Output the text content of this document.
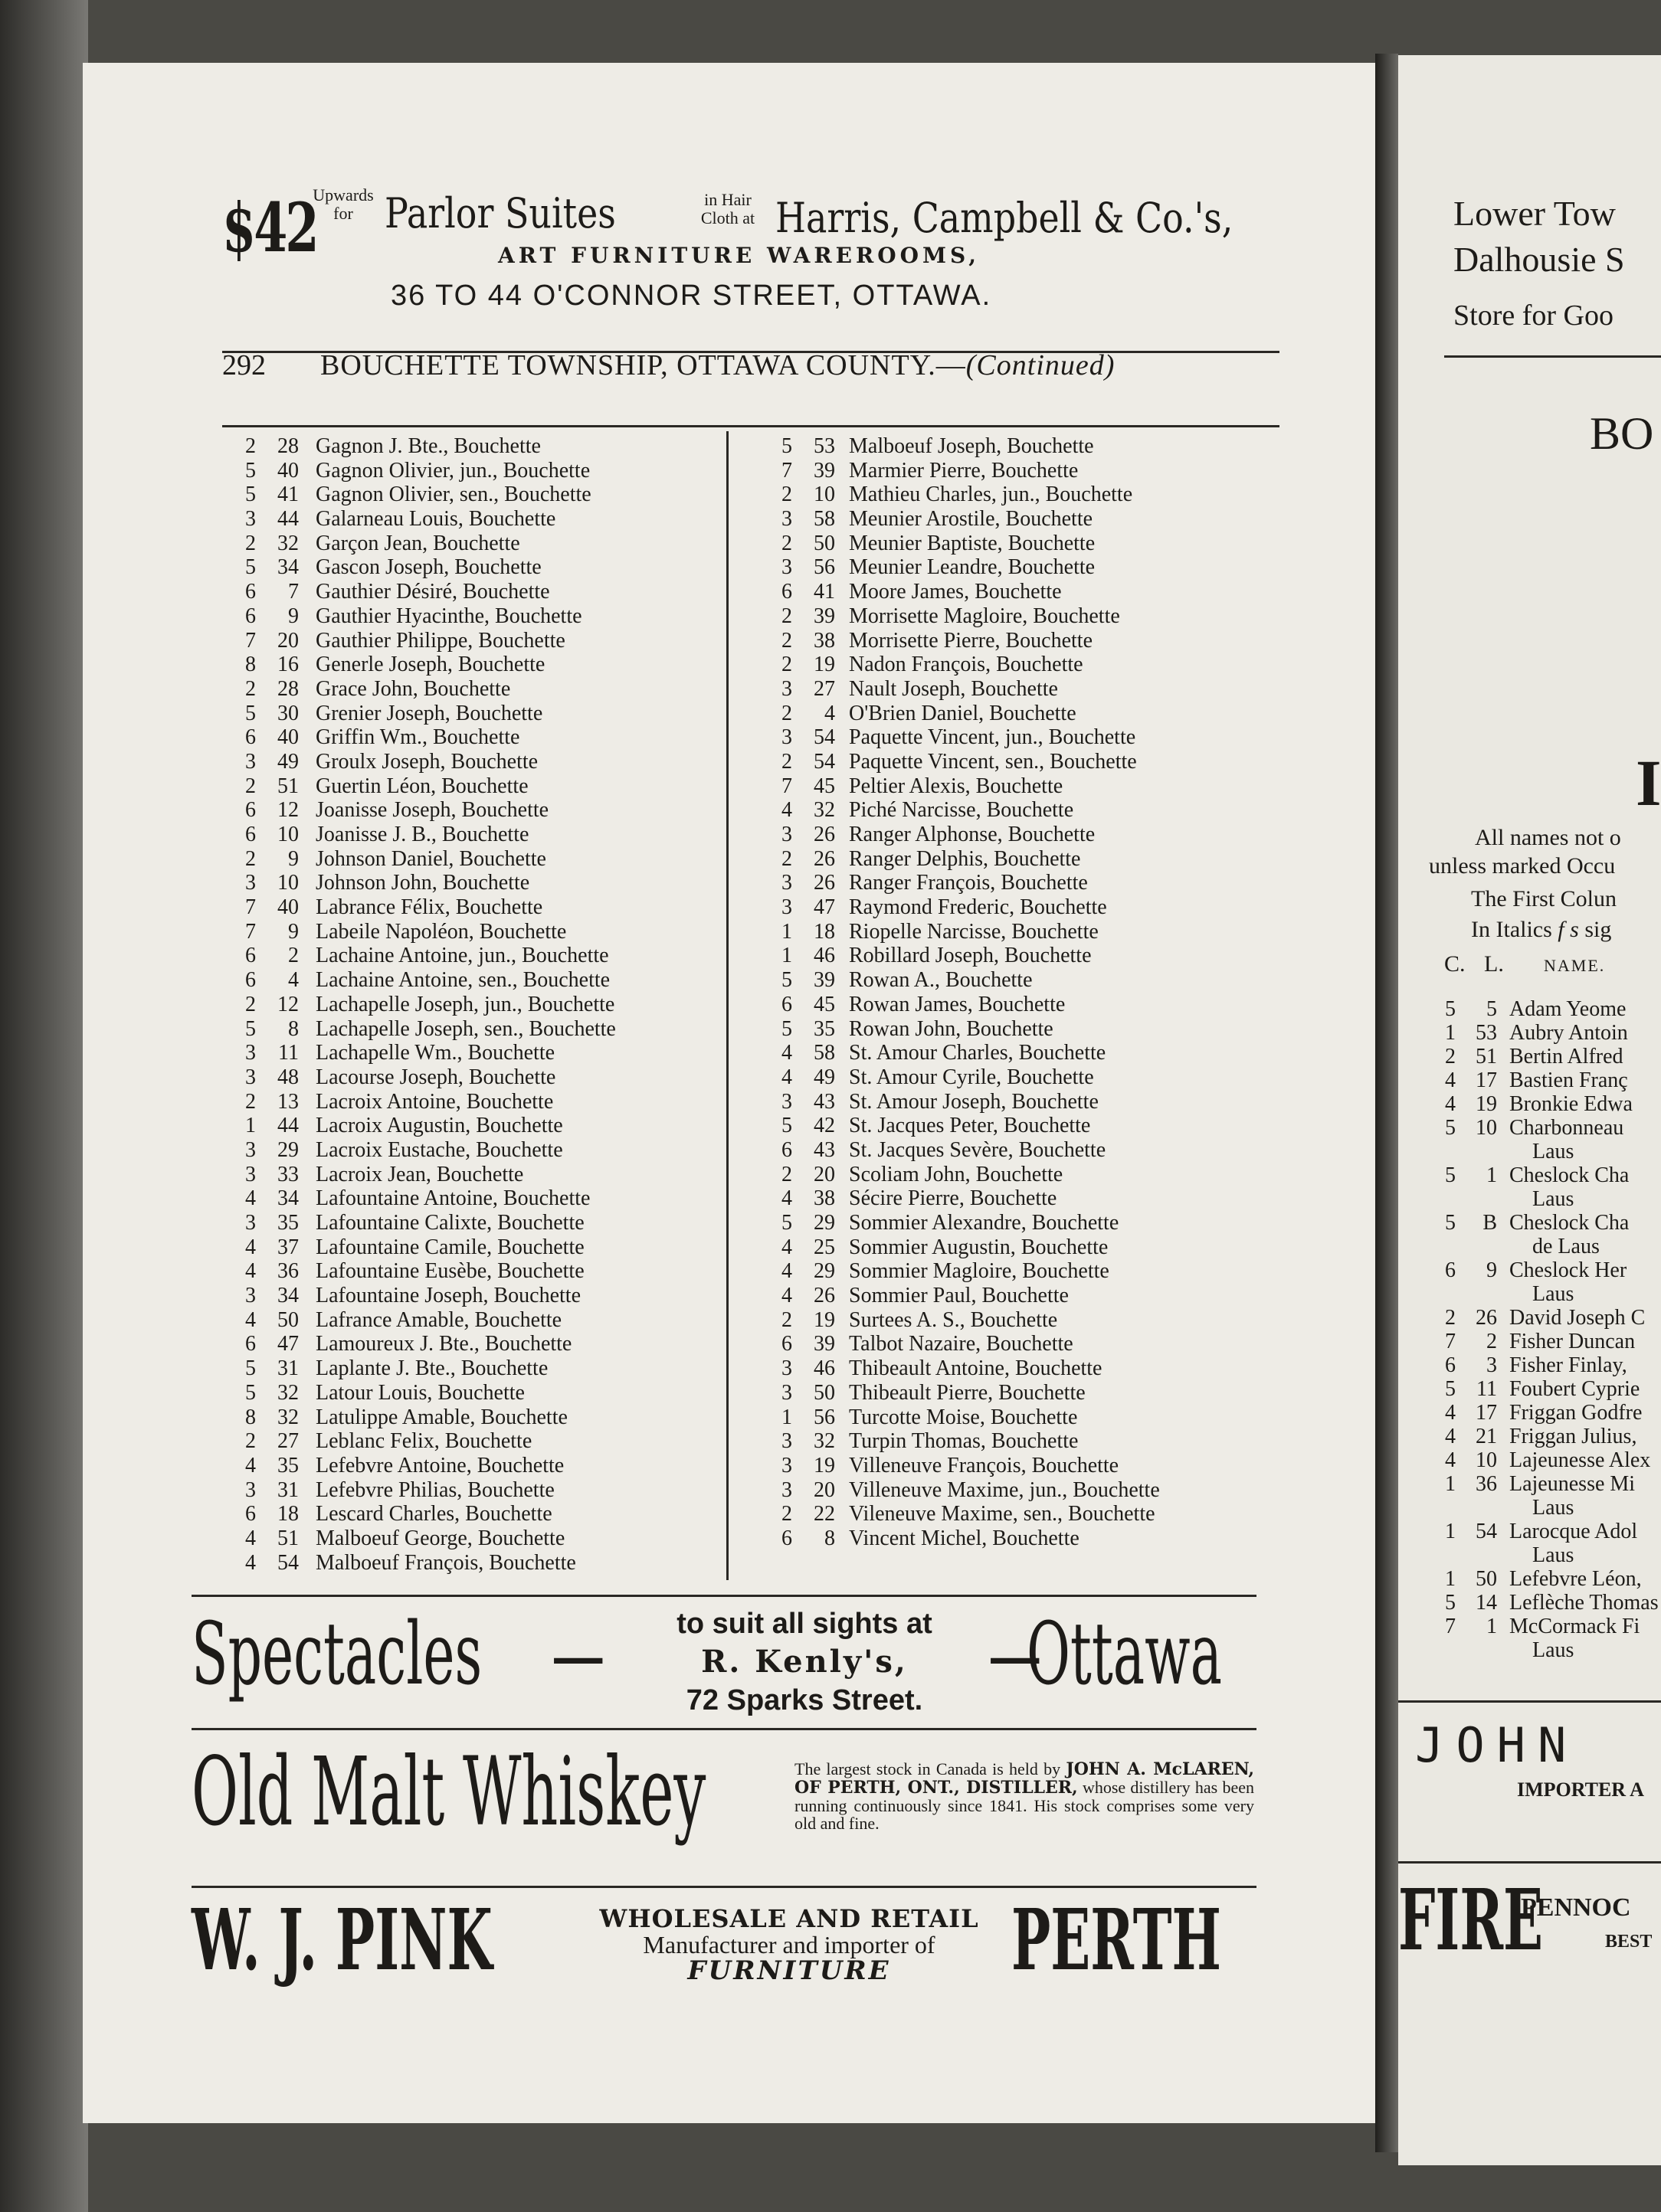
$42
Upwards
for Parlor Suites	in Hair
Cloth at Harris, Campbell & Co.'s,
ART FURNITURE WAREROOMS,
36 TO 44 O'CONNOR STREET, OTTAWA.
292 BOUCHETTE TOWNSHIP, OTTAWA COUNTY.—(Continued)
2	28 Gagnon J. Bte., Bouchette
5	40 Gagnon Olivier, jun., Bouchette
5	41 Gagnon Olivier, sen., Bouchette
3	44 Galarneau Louis, Bouchette
2	32 Garçon Jean, Bouchette
5	34 Gascon Joseph, Bouchette
6	7 Gauthier Désiré, Bouchette
6	9 Gauthier Hyacinthe, Bouchette
7	20 Gauthier Philippe, Bouchette
8	16 Generle Joseph, Bouchette
2	28 Grace John, Bouchette
5	30 Grenier Joseph, Bouchette
6	40 Griffin Wm., Bouchette
3	49 Groulx Joseph, Bouchette
2	51 Guertin Léon, Bouchette
6	12 Joanisse Joseph, Bouchette
6	10 Joanisse J. B., Bouchette
2	9 Johnson Daniel, Bouchette
3	10 Johnson John, Bouchette
7	40 Labrance Félix, Bouchette
7	9 Labeile Napoléon, Bouchette
6	2 Lachaine Antoine, jun., Bouchette
6	4 Lachaine Antoine, sen., Bouchette
2	12 Lachapelle Joseph, jun., Bouchette
5	8 Lachapelle Joseph, sen., Bouchette
3	11 Lachapelle Wm., Bouchette
3	48 Lacourse Joseph, Bouchette
2	13 Lacroix Antoine, Bouchette
1	44 Lacroix Augustin, Bouchette
3	29 Lacroix Eustache, Bouchette
3	33 Lacroix Jean, Bouchette
4	34 Lafountaine Antoine, Bouchette
3	35 Lafountaine Calixte, Bouchette
4	37 Lafountaine Camile, Bouchette
4	36 Lafountaine Eusèbe, Bouchette
3	34 Lafountaine Joseph, Bouchette
4	50 Lafrance Amable, Bouchette
6	47 Lamoureux J. Bte., Bouchette
5	31 Laplante J. Bte., Bouchette
5	32 Latour Louis, Bouchette
8	32 Latulippe Amable, Bouchette
2	27 Leblanc Felix, Bouchette
4	35 Lefebvre Antoine, Bouchette
3	31 Lefebvre Philias, Bouchette
6	18 Lescard Charles, Bouchette
4	51 Malboeuf George, Bouchette
4	54 Malboeuf François, Bouchette
5	53 Malboeuf Joseph, Bouchette
7	39 Marmier Pierre, Bouchette
2	10 Mathieu Charles, jun., Bouchette
3	58 Meunier Arostile, Bouchette
2	50 Meunier Baptiste, Bouchette
3	56 Meunier Leandre, Bouchette
6	41 Moore James, Bouchette
2	39 Morrisette Magloire, Bouchette
2	38 Morrisette Pierre, Bouchette
2	19 Nadon François, Bouchette
3	27 Nault Joseph, Bouchette
2	4 O'Brien Daniel, Bouchette
3	54 Paquette Vincent, jun., Bouchette
2	54 Paquette Vincent, sen., Bouchette
7	45 Peltier Alexis, Bouchette
4	32 Piché Narcisse, Bouchette
3	26 Ranger Alphonse, Bouchette
2	26 Ranger Delphis, Bouchette
3	26 Ranger François, Bouchette
3	47 Raymond Frederic, Bouchette
1	18 Riopelle Narcisse, Bouchette
1	46 Robillard Joseph, Bouchette
5	39 Rowan A., Bouchette
6	45 Rowan James, Bouchette
5	35 Rowan John, Bouchette
4	58 St. Amour Charles, Bouchette
4	49 St. Amour Cyrile, Bouchette
3	43 St. Amour Joseph, Bouchette
5	42 St. Jacques Peter, Bouchette
6	43 St. Jacques Sevère, Bouchette
2	20 Scoliam John, Bouchette
4	38 Sécire Pierre, Bouchette
5	29 Sommier Alexandre, Bouchette
4	25 Sommier Augustin, Bouchette
4	29 Sommier Magloire, Bouchette
4	26 Sommier Paul, Bouchette
2	19 Surtees A. S., Bouchette
6	39 Talbot Nazaire, Bouchette
3	46 Thibeault Antoine, Bouchette
3	50 Thibeault Pierre, Bouchette
1	56 Turcotte Moise, Bouchette
3	32 Turpin Thomas, Bouchette
3	19 Villeneuve François, Bouchette
3	20 Villeneuve Maxime, jun., Bouchette
2	22 Vileneuve Maxime, sen., Bouchette
6	8 Vincent Michel, Bouchette
Spectacles —	to suit all sights at
R. Kenly's,
72 Sparks Street. —
Ottawa
Old Malt Whiskey	The largest stock in Canada is held by JOHN A. McLAREN, OF PERTH, ONT., DISTILLER, whose distillery has been running continuously since 1841. His stock comprises some very old and fine.
W. J. PINK	WHOLESALE AND RETAIL
Manufacturer and importer of
FURNITURE	PERTH
Lower Tow
Dalhousie S
Store for Goo
BO
I
All names not o
unless marked Occu
The First Colun
In Italics f s sig
C. L. NAME.
5	5 Adam Yeome
1 53 Aubry Antoin
2 51 Bertin Alfred
4 17 Bastien Franç
4 19 Bronkie Edwa
5 10 Charbonneau
Laus
5	1 Cheslock Cha
Laus
5	B Cheslock Cha
de Laus
6	9 Cheslock Her
Laus
2 26 David Joseph C
7	2 Fisher Duncan
6	3 Fisher Finlay,
5 11 Foubert Cyprie
4 17 Friggan Godfre
4 21 Friggan Julius,
4 10 Lajeunesse Alex
1 36 Lajeunesse Mi
Laus
1 54 Larocque Adol
Laus
1 50 Lefebvre Léon,
5 14 Leflèche Thomas
7	1 McCormack Fi
Laus
JOHN
IMPORTER A
FIRE
PENNOC
BEST
